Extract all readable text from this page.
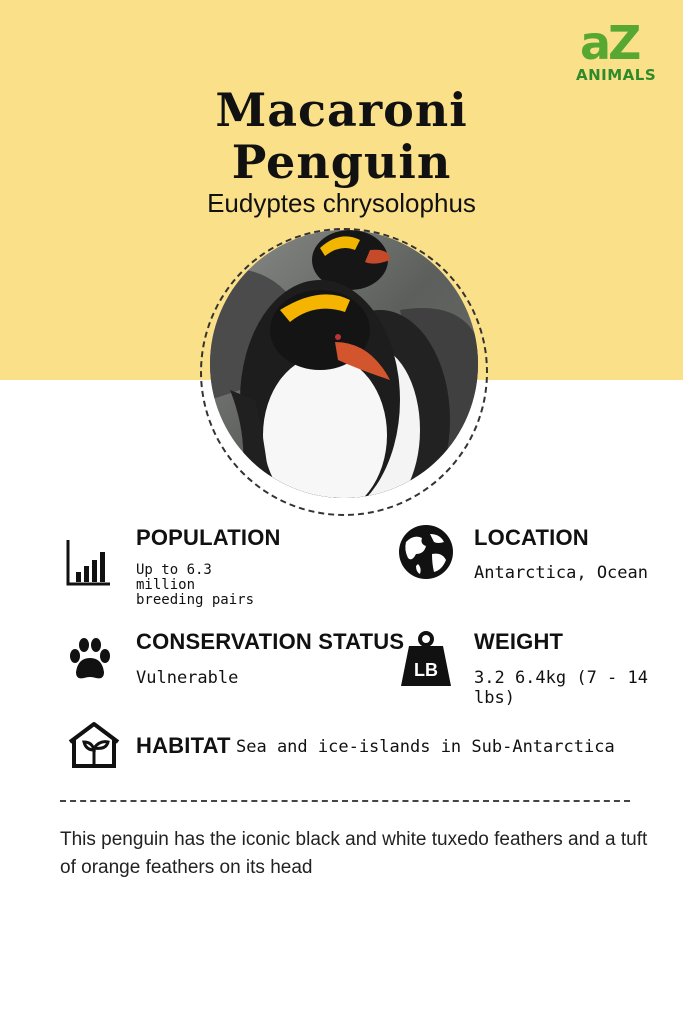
aZ
ANIMALS
Macaroni
Penguin
Eudyptes chrysolophus
POPULATION
Up to 6.3
million
breeding pairs
LOCATION
Antarctica, Ocean
CONSERVATION STATUS
Vulnerable	LB
WEIGHT
3.2 6.4kg (7 - 14 lbs)
HABITAT Sea and ice-islands in Sub-Antarctica
This penguin has the iconic black and white tuxedo feathers and a tuft of orange feathers on its head
